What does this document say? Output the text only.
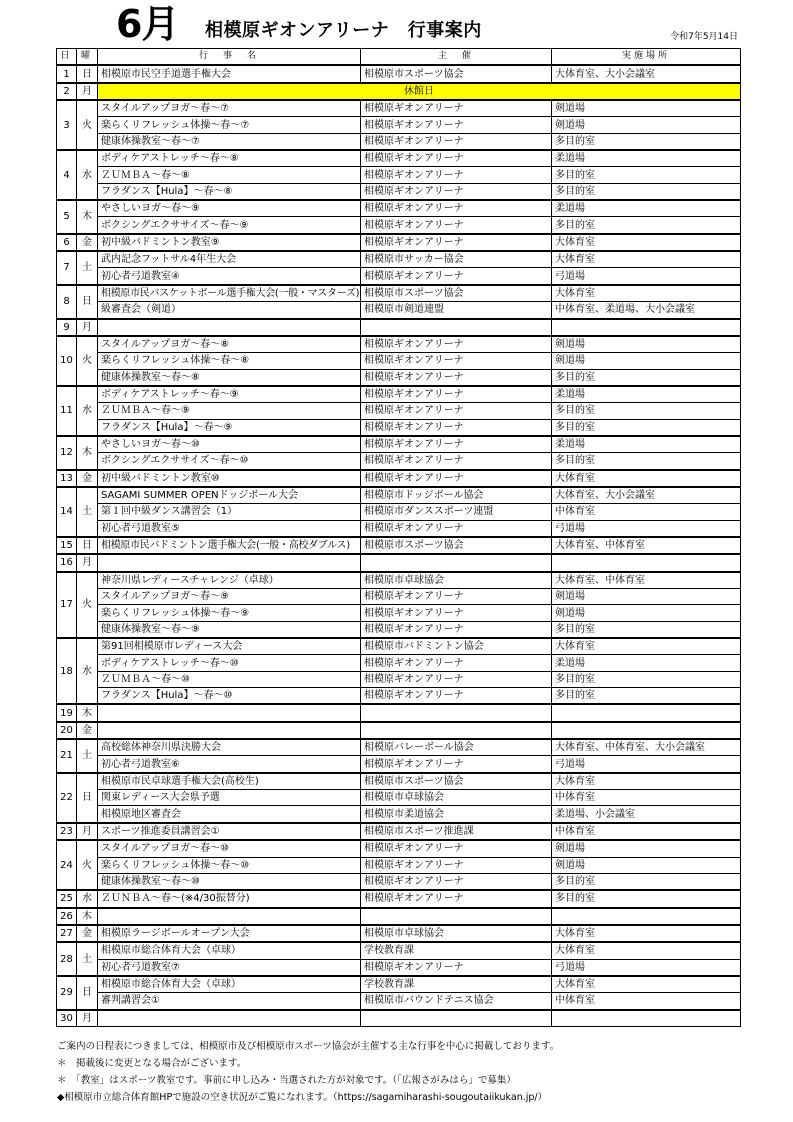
6月 相模原ギオンアリーナ　行事案内	令和7年5月14日
日	曜	行　事　名	主　催	実施場所
1	日	相模原市民空手道選手権大会	相模原市スポーツ協会	大体育室、大小会議室
2	月	休館日		
3	火	スタイルアップヨガ～春～⑦	相模原ギオンアリーナ	剣道場
		楽らくリフレッシュ体操～春～⑦	相模原ギオンアリーナ	剣道場
		健康体操教室～春～⑦	相模原ギオンアリーナ	多目的室
4	水	ボディケアストレッチ～春～⑧	相模原ギオンアリーナ	柔道場
		ＺＵＭＢＡ～春～⑧	相模原ギオンアリーナ	多目的室
		フラダンス【Hula】～春～⑧	相模原ギオンアリーナ	多目的室
5	木	やさしいヨガ～春～⑨	相模原ギオンアリーナ	柔道場
		ボクシングエクササイズ～春～⑨	相模原ギオンアリーナ	多目的室
6	金	初中級バドミントン教室⑨	相模原ギオンアリーナ	大体育室
7	土	武内記念フットサル4年生大会	相模原市サッカー協会	大体育室
		初心者弓道教室④	相模原ギオンアリーナ	弓道場
8	日	相模原市民バスケットボール選手権大会(一般・マスターズ)	相模原市スポーツ協会	大体育室
		級審査会（剣道）	相模原市剣道連盟	中体育室、柔道場、大小会議室
9	月			
10	火	スタイルアップヨガ～春～⑧	相模原ギオンアリーナ	剣道場
		楽らくリフレッシュ体操～春～⑧	相模原ギオンアリーナ	剣道場
		健康体操教室～春～⑧	相模原ギオンアリーナ	多目的室
11	水	ボディケアストレッチ～春～⑨	相模原ギオンアリーナ	柔道場
		ＺＵＭＢＡ～春～⑨	相模原ギオンアリーナ	多目的室
		フラダンス【Hula】～春～⑨	相模原ギオンアリーナ	多目的室
12	木	やさしいヨガ～春～⑩	相模原ギオンアリーナ	柔道場
		ボクシングエクササイズ～春～⑩	相模原ギオンアリーナ	多目的室
13	金	初中級バドミントン教室⑩	相模原ギオンアリーナ	大体育室
14	土	SAGAMI SUMMER OPENドッジボール大会	相模原市ドッジボール協会	大体育室、大小会議室
		第１回中級ダンス講習会（1）	相模原市ダンススポーツ連盟	中体育室
		初心者弓道教室⑤	相模原ギオンアリーナ	弓道場
15	日	相模原市民バドミントン選手権大会(一般・高校ダブルス)	相模原市スポーツ協会	大体育室、中体育室
16	月			
17	火	神奈川県レディースチャレンジ（卓球）	相模原市卓球協会	大体育室、中体育室
		スタイルアップヨガ～春～⑨	相模原ギオンアリーナ	剣道場
		楽らくリフレッシュ体操～春～⑨	相模原ギオンアリーナ	剣道場
		健康体操教室～春～⑨	相模原ギオンアリーナ	多目的室
18	水	第91回相模原市レディース大会	相模原市バドミントン協会	大体育室
		ボディケアストレッチ～春～⑩	相模原ギオンアリーナ	柔道場
		ＺＵＭＢＡ～春～⑩	相模原ギオンアリーナ	多目的室
		フラダンス【Hula】～春～⑩	相模原ギオンアリーナ	多目的室
19	木			
20	金			
21	土	高校総体神奈川県決勝大会	相模原バレーボール協会	大体育室、中体育室、大小会議室
		初心者弓道教室⑥	相模原ギオンアリーナ	弓道場
22	日	相模原市民卓球選手権大会(高校生)	相模原市スポーツ協会	大体育室
		関東レディース大会県予選	相模原市卓球協会	中体育室
		相模原地区審査会	相模原市柔道協会	柔道場、小会議室
23	月	スポーツ推進委員講習会①	相模原市スポーツ推進課	中体育室
24	火	スタイルアップヨガ～春～⑩	相模原ギオンアリーナ	剣道場
		楽らくリフレッシュ体操～春～⑩	相模原ギオンアリーナ	剣道場
		健康体操教室～春～⑩	相模原ギオンアリーナ	多目的室
25	水	ＺＵＮＢＡ～春～(※4/30振替分)	相模原ギオンアリーナ	多目的室
26	木			
27	金	相模原ラージボールオープン大会	相模原市卓球協会	大体育室
28	土	相模原市総合体育大会（卓球）	学校教育課	大体育室
		初心者弓道教室⑦	相模原ギオンアリーナ	弓道場
29	日	相模原市総合体育大会（卓球）	学校教育課	大体育室
		審判講習会①	相模原市バウンドテニス協会	中体育室
30	月			
ご案内の日程表につきましては、相模原市及び相模原市スポーツ協会が主催する主な行事を中心に掲載しております。
＊　掲載後に変更となる場合がございます。
＊　「教室」はスポーツ教室です。事前に申し込み・当選された方が対象です。（「広報さがみはら」で募集）
◆相模原市立総合体育館HPで施設の空き状況がご覧になれます。（https://sagamiharashi-sougoutaiikukan.jp/）
